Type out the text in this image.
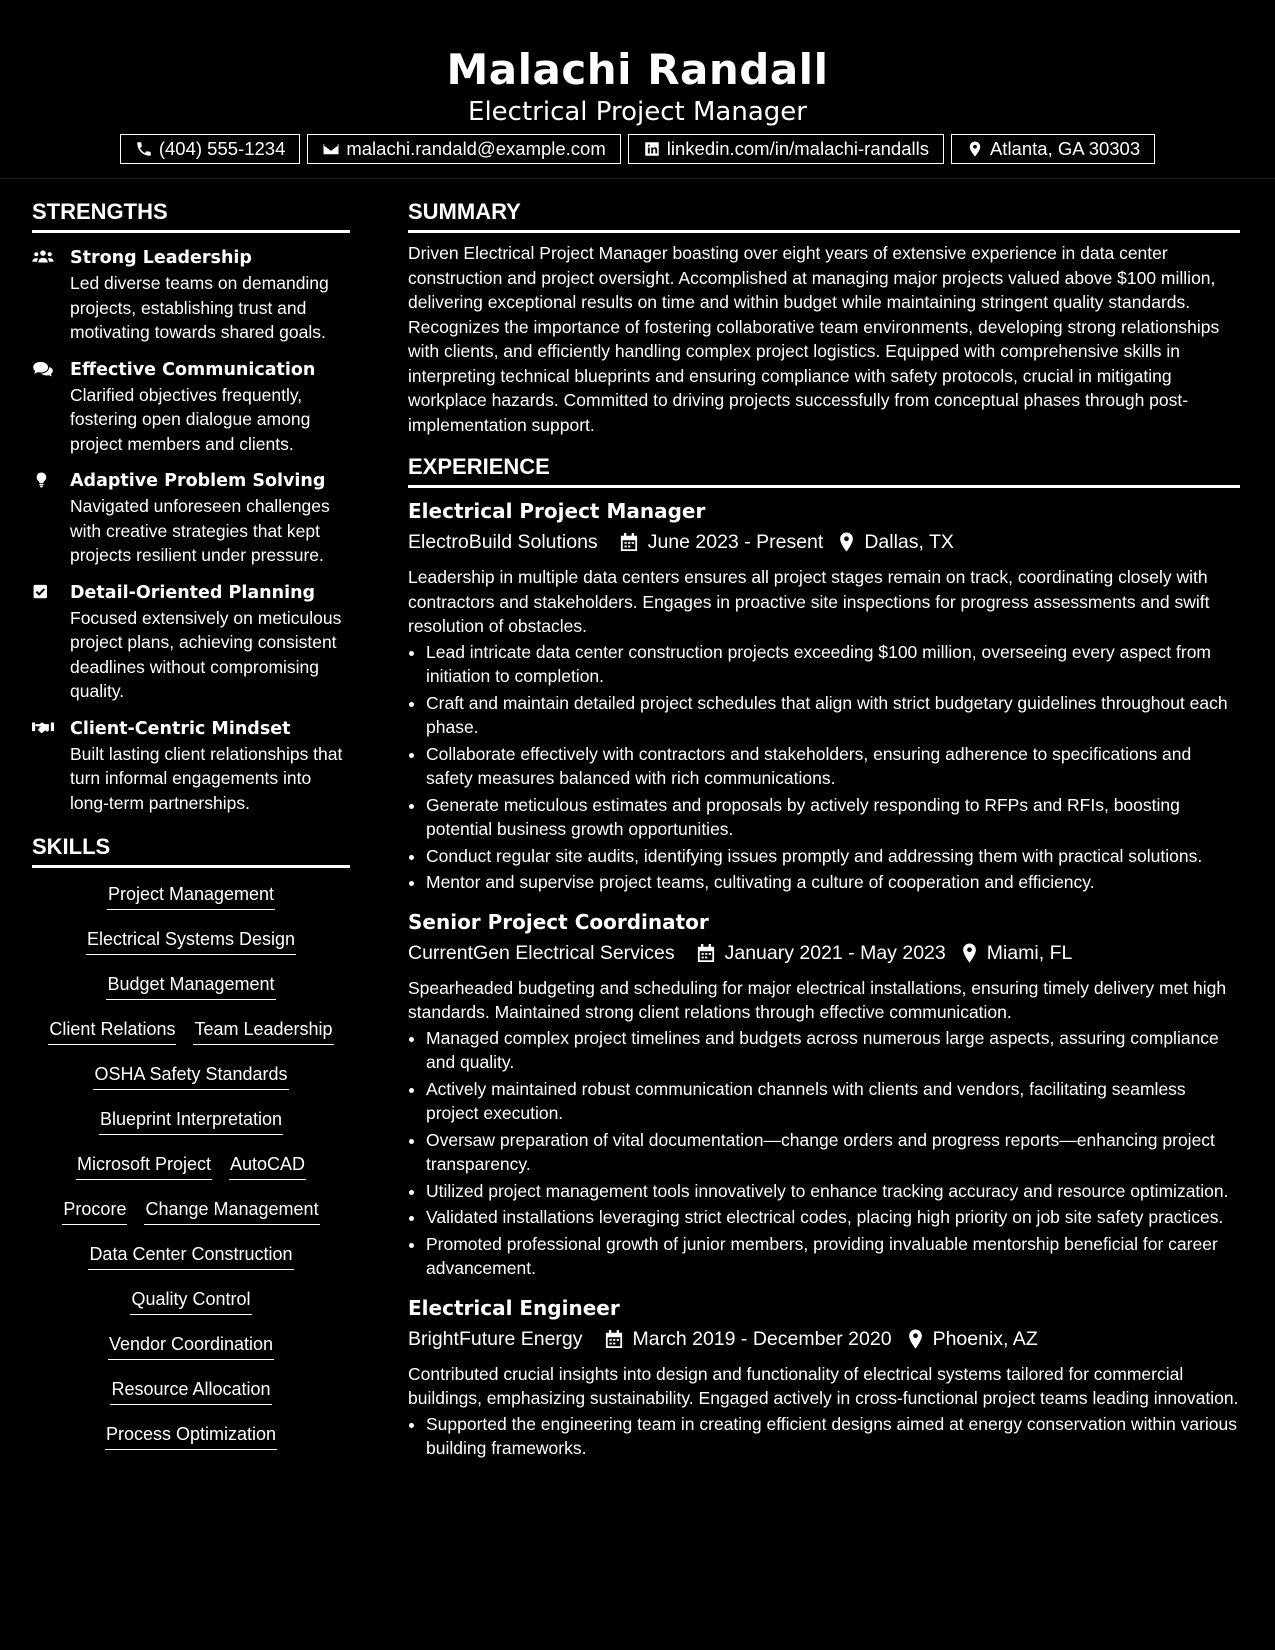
Malachi Randall
Electrical Project Manager
(404) 555-1234	malachi.randald@example.com	linkedin.com/in/malachi-randalls	Atlanta, GA 30303
STRENGTHS
Strong Leadership
Led diverse teams on demanding projects, establishing trust and motivating towards shared goals.
Effective Communication
Clarified objectives frequently, fostering open dialogue among project members and clients.
Adaptive Problem Solving
Navigated unforeseen challenges with creative strategies that kept projects resilient under pressure.
Detail-Oriented Planning
Focused extensively on meticulous project plans, achieving consistent deadlines without compromising quality.
Client-Centric Mindset
Built lasting client relationships that turn informal engagements into long-term partnerships.
SKILLS
Project Management
Electrical Systems Design
Budget Management
Client Relations Team Leadership
OSHA Safety Standards
Blueprint Interpretation
Microsoft Project AutoCAD
Procore Change Management
Data Center Construction
Quality Control
Vendor Coordination
Resource Allocation
Process Optimization
SUMMARY
Driven Electrical Project Manager boasting over eight years of extensive experience in data center construction and project oversight. Accomplished at managing major projects valued above $100 million, delivering exceptional results on time and within budget while maintaining stringent quality standards. Recognizes the importance of fostering collaborative team environments, developing strong relationships with clients, and efficiently handling complex project logistics. Equipped with comprehensive skills in interpreting technical blueprints and ensuring compliance with safety protocols, crucial in mitigating workplace hazards. Committed to driving projects successfully from conceptual phases through post-implementation support.
EXPERIENCE
Electrical Project Manager
ElectroBuild Solutions	June 2023 - Present Dallas, TX
Leadership in multiple data centers ensures all project stages remain on track, coordinating closely with contractors and stakeholders. Engages in proactive site inspections for progress assessments and swift resolution of obstacles.
• Lead intricate data center construction projects exceeding $100 million, overseeing every aspect from initiation to completion.
• Craft and maintain detailed project schedules that align with strict budgetary guidelines throughout each phase.
• Collaborate effectively with contractors and stakeholders, ensuring adherence to specifications and safety measures balanced with rich communications.
• Generate meticulous estimates and proposals by actively responding to RFPs and RFIs, boosting potential business growth opportunities.
• Conduct regular site audits, identifying issues promptly and addressing them with practical solutions.
• Mentor and supervise project teams, cultivating a culture of cooperation and efficiency.
Senior Project Coordinator
CurrentGen Electrical Services	January 2021 - May 2023 Miami, FL
Spearheaded budgeting and scheduling for major electrical installations, ensuring timely delivery met high standards. Maintained strong client relations through effective communication.
• Managed complex project timelines and budgets across numerous large aspects, assuring compliance and quality.
• Actively maintained robust communication channels with clients and vendors, facilitating seamless project execution.
• Oversaw preparation of vital documentation—change orders and progress reports—enhancing project transparency.
• Utilized project management tools innovatively to enhance tracking accuracy and resource optimization.
• Validated installations leveraging strict electrical codes, placing high priority on job site safety practices.
• Promoted professional growth of junior members, providing invaluable mentorship beneficial for career advancement.
Electrical Engineer
BrightFuture Energy	March 2019 - December 2020 Phoenix, AZ
Contributed crucial insights into design and functionality of electrical systems tailored for commercial buildings, emphasizing sustainability. Engaged actively in cross-functional project teams leading innovation.
• Supported the engineering team in creating efficient designs aimed at energy conservation within various building frameworks.
